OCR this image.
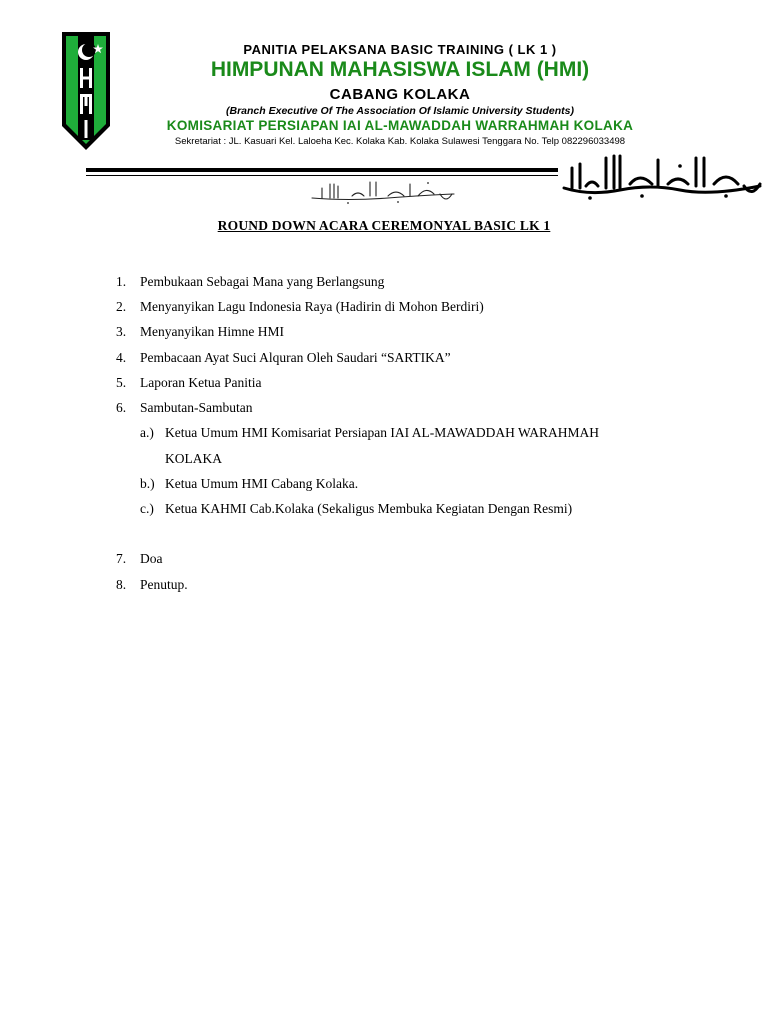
PANITIA PELAKSANA BASIC TRAINING ( LK 1 )
HIMPUNAN MAHASISWA ISLAM (HMI)
CABANG KOLAKA
(Branch Executive Of The Association Of Islamic University Students)
KOMISARIAT PERSIAPAN IAI AL-MAWADDAH WARRAHMAH KOLAKA
Sekretariat : JL. Kasuari Kel. Laloeha Kec. Kolaka Kab. Kolaka Sulawesi Tenggara No. Telp 082296033498
ROUND DOWN ACARA CEREMONYAL BASIC LK 1
1.	Pembukaan Sebagai Mana yang Berlangsung
2.	Menyanyikan Lagu Indonesia Raya (Hadirin di Mohon Berdiri)
3.	Menyanyikan Himne HMI
4.	Pembacaan Ayat Suci Alquran Oleh Saudari “SARTIKA”
5.	Laporan Ketua Panitia
6.	Sambutan-Sambutan
a.) Ketua Umum HMI Komisariat Persiapan IAI AL-MAWADDAH WARAHMAH
KOLAKA
b.) Ketua Umum HMI Cabang Kolaka.
c.) Ketua KAHMI Cab.Kolaka (Sekaligus Membuka Kegiatan Dengan Resmi)
7.	Doa
8.	Penutup.
